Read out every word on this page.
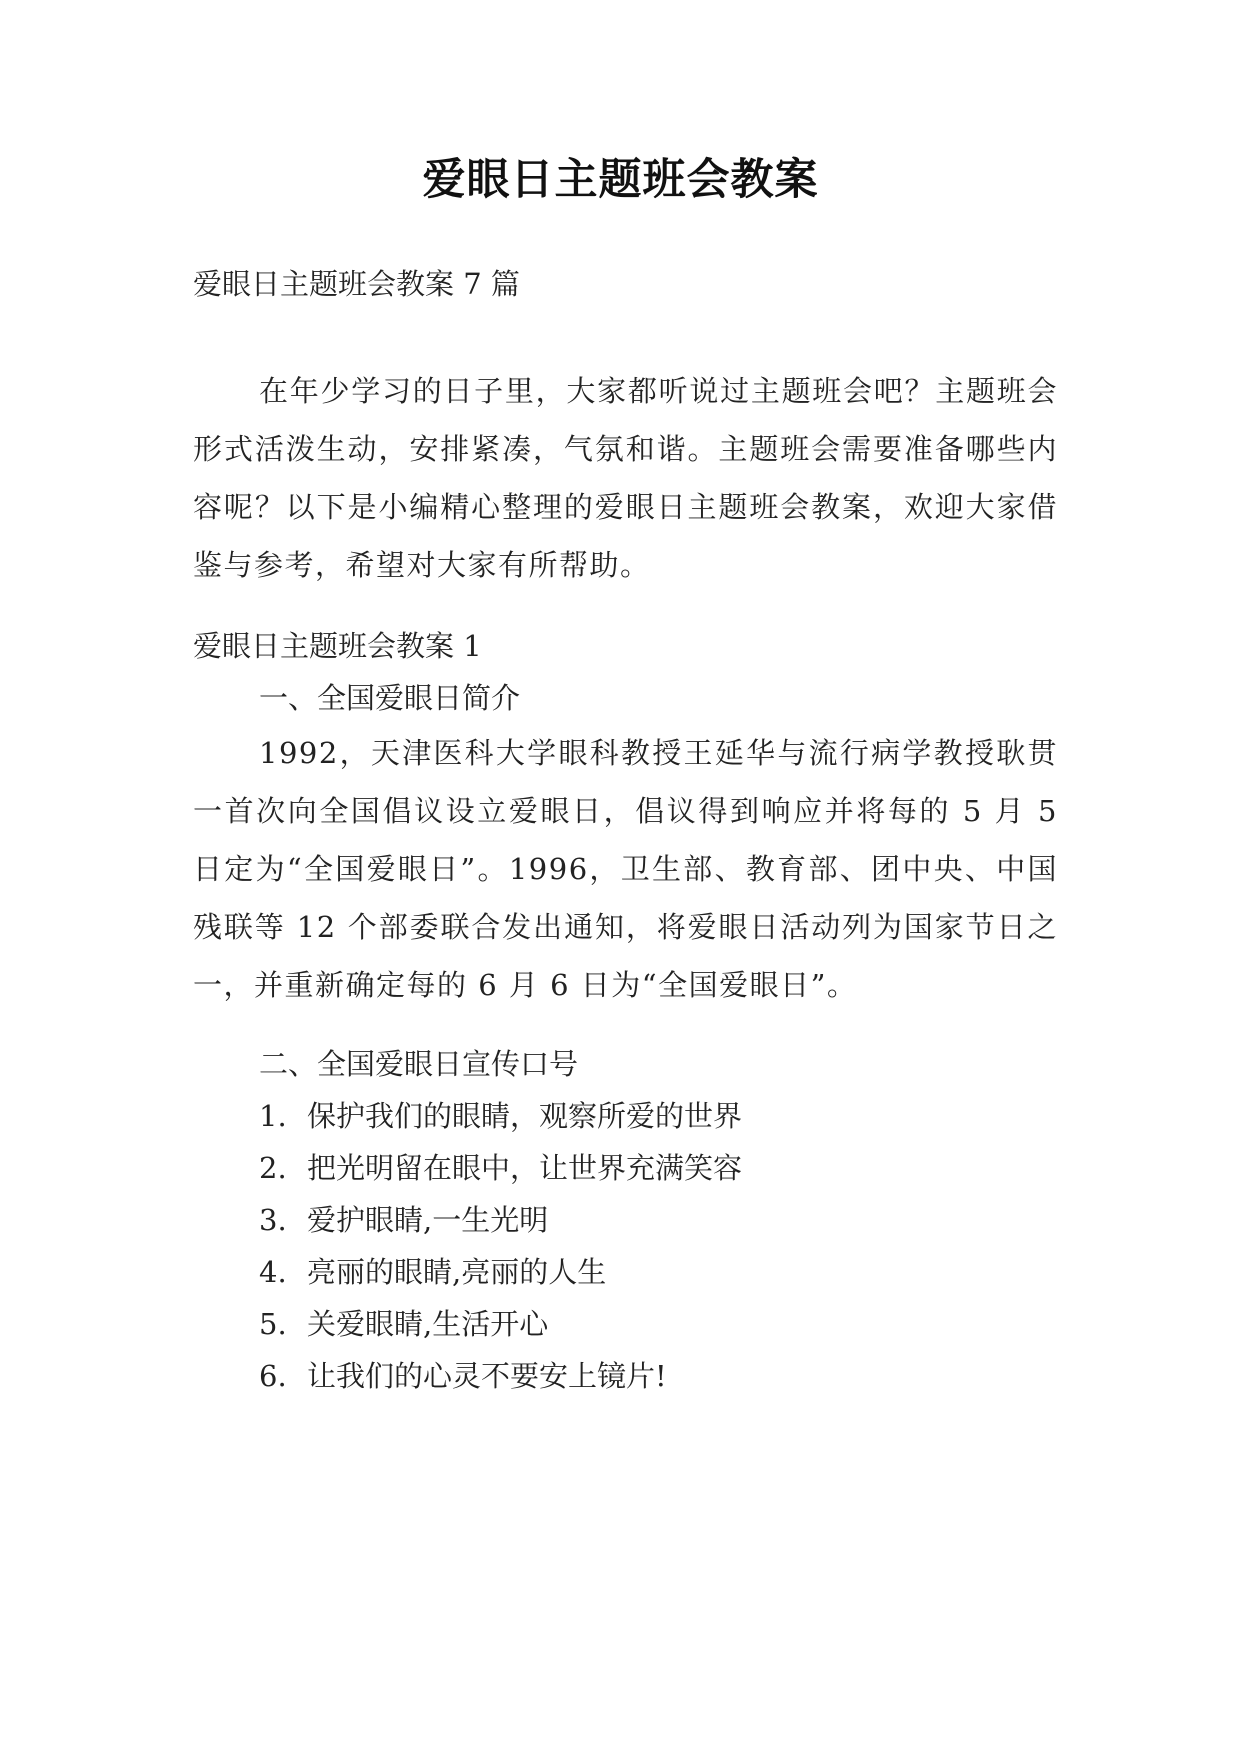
爱眼日主题班会教案
爱眼日主题班会教案 7 篇
在年少学习的日子里，大家都听说过主题班会吧？主题班会形式活泼生动，安排紧凑，气氛和谐。主题班会需要准备哪些内容呢？以下是小编精心整理的爱眼日主题班会教案，欢迎大家借鉴与参考，希望对大家有所帮助。
爱眼日主题班会教案 1
一、全国爱眼日简介
1992，天津医科大学眼科教授王延华与流行病学教授耿贯一首次向全国倡议设立爱眼日，倡议得到响应并将每的 5 月 5 日定为“全国爱眼日”。1996，卫生部、教育部、团中央、中国残联等 12 个部委联合发出通知，将爱眼日活动列为国家节日之一，并重新确定每的 6 月 6 日为“全国爱眼日”。
二、全国爱眼日宣传口号
1. 保护我们的眼睛，观察所爱的世界
2. 把光明留在眼中，让世界充满笑容
3. 爱护眼睛,一生光明
4. 亮丽的眼睛,亮丽的人生
5. 关爱眼睛,生活开心
6. 让我们的心灵不要安上镜片!
